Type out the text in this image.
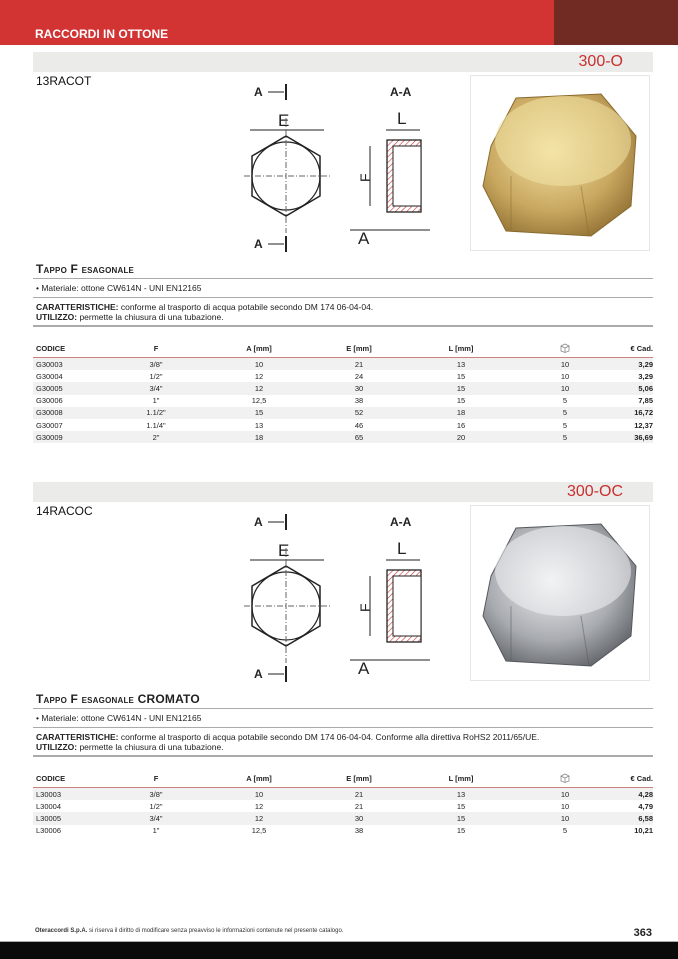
RACCORDI IN OTTONE
300-O
13RACOT
A
A
E
A-A
L
F
A
Tappo F esagonale
• Materiale: ottone CW614N - UNI EN12165
CARATTERISTICHE: conforme al trasporto di acqua potabile secondo DM 174 06-04-04.
UTILIZZO: permette la chiusura di una tubazione.
CODICE	F	A [mm]	E [mm]	L [mm]	€ Cad.
G30003	3/8"	10	21	13	10	3,29
G30004	1/2"	12	24	15	10	3,29
G30005	3/4"	12	30	15	10	5,06
G30006	1"	12,5	38	15	5	7,85
G30008	1.1/2"	15	52	18	5	16,72
G30007	1.1/4"	13	46	16	5	12,37
G30009	2"	18	65	20	5	36,69
300-OC
14RACOC
A
A
E
A-A
L
F
A
Tappo F esagonale CROMATO
• Materiale: ottone CW614N - UNI EN12165
CARATTERISTICHE: conforme al trasporto di acqua potabile secondo DM 174 06-04-04. Conforme alla direttiva RoHS2 2011/65/UE.
UTILIZZO: permette la chiusura di una tubazione.
CODICE	F	A [mm]	E [mm]	L [mm]	€ Cad.
L30003	3/8"	10	21	13	10	4,28
L30004	1/2"	12	21	15	10	4,79
L30005	3/4"	12	30	15	10	6,58
L30006	1"	12,5	38	15	5	10,21
Oteraccordi S.p.A. si riserva il diritto di modificare senza preavviso le informazioni contenute nel presente catalogo.	363
